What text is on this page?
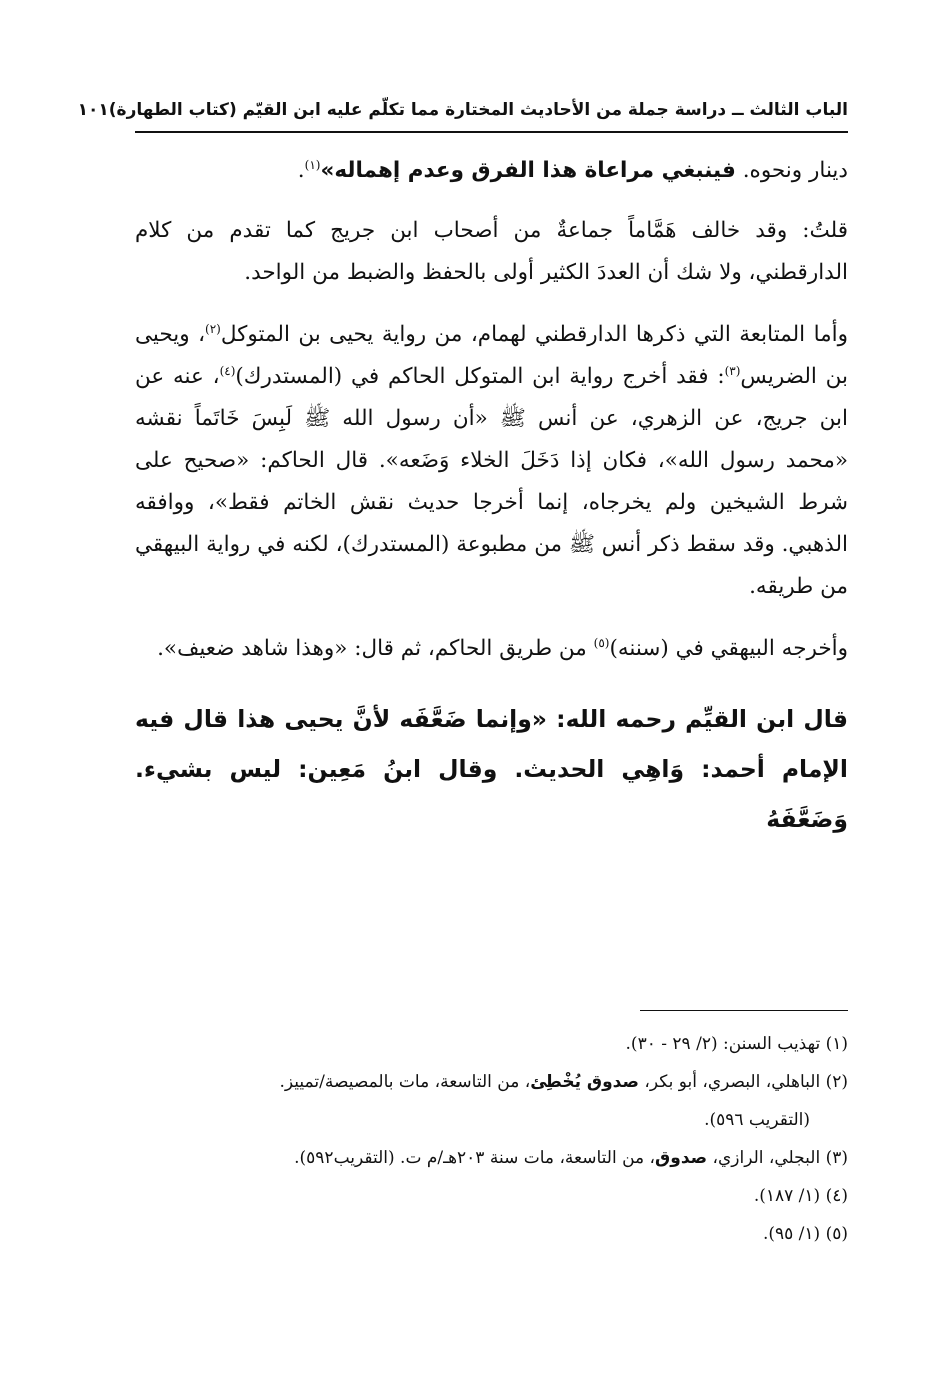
الباب الثالث ــ دراسة جملة من الأحاديث المختارة مما تكلّم عليه ابن القيّم (كتاب الطهارة)
١٠١

دينار ونحوه. فينبغي مراعاة هذا الفرق وعدم إهماله»$^{(١)}$.

قلتُ: وقد خالف هَمَّاماً جماعةٌ من أصحاب ابن جريج كما تقدم من كلام الدارقطني، ولا شك أن العددَ الكثير أولى بالحفظ والضبط من الواحد.

وأما المتابعة التي ذكرها الدارقطني لهمام، من رواية يحيى بن المتوكل$^{(٢)}$، ويحيى بن الضريس$^{(٣)}$: فقد أخرج رواية ابن المتوكل الحاكم في (المستدرك)$^{(٤)}$، عنه عن ابن جريج، عن الزهري، عن أنس ﷺ «أن رسول الله ﷺ لَبِسَ خَاتَماً نقشه «محمد رسول الله»، فكان إذا دَخَلَ الخلاء وَضَعه». قال الحاكم: «صحيح على شرط الشيخين ولم يخرجاه، إنما أخرجا حديث نقش الخاتم فقط»، ووافقه الذهبي. وقد سقط ذكر أنس ﷺ من مطبوعة (المستدرك)، لكنه في رواية البيهقي من طريقه.

وأخرجه البيهقي في (سننه)$^{(٥)}$ من طريق الحاكم، ثم قال: «وهذا شاهد ضعيف».

قال ابن القيِّم رحمه الله: «وإنما ضَعَّفَه لأنَّ يحيى هذا قال فيه الإمام أحمد: وَاهِي الحديث. وقال ابنُ مَعِين: ليس بشيء. وَضَعَّفَهُ
(١) تهذيب السنن: (٢/ ٢٩ - ٣٠).
(٢) الباهلي، البصري، أبو بكر، صدوق يُخْطِئ، من التاسعة، مات بالمصيصة/تمييز.
(التقريب ٥٩٦).
(٣) البجلي، الرازي، صدوق، من التاسعة، مات سنة ٢٠٣هـ/م ت. (التقريب٥٩٢).
(٤) (١/ ١٨٧).
(٥) (١/ ٩٥).
